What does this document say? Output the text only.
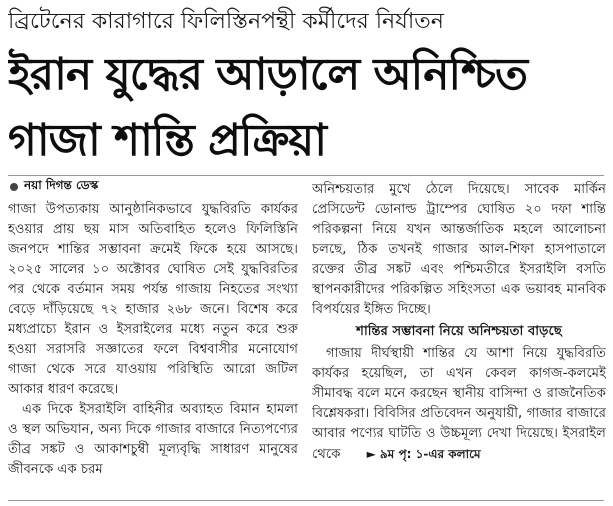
ব্রিটেনের কারাগারে ফিলিস্তিনপন্থী কর্মীদের নির্যাতন
ইরান যুদ্ধের আড়ালে অনিশ্চিত
গাজা শান্তি প্রক্রিয়া
নয়া দিগন্ত ডেস্ক

গাজা উপত্যকায় আনুষ্ঠানিকভাবে যুদ্ধবিরতি কার্যকর হওয়ার প্রায় ছয় মাস অতিবাহিত হলেও ফিলিস্তিনি জনপদে শান্তির সম্ভাবনা ক্রমেই ফিকে হয়ে আসছে। ২০২৫ সালের ১০ অক্টোবর ঘোষিত সেই যুদ্ধবিরতির পর থেকে বর্তমান সময় পর্যন্ত গাজায় নিহতের সংখ্যা বেড়ে দাঁড়িয়েছে ৭২ হাজার ২৬৮ জনে। বিশেষ করে মধ্যপ্রাচ্যে ইরান ও ইসরাইলের মধ্যে নতুন করে শুরু হওয়া সরাসরি সজ্ঞাতের ফলে বিশ্ববাসীর মনোযোগ গাজা থেকে সরে যাওয়ায় পরিস্থিতি আরো জটিল আকার ধারণ করেছে।

এক দিকে ইসরাইলি বাহিনীর অব্যাহত বিমান হামলা ও স্থল অভিযান, অন্য দিকে গাজার বাজারে নিত্যপণ্যের তীব্র সঙ্কট ও আকাশচুম্বী মূল্যবৃদ্ধি সাধারণ মানুষের জীবনকে এক চরম

অনিশ্চয়তার মুখে ঠেলে দিয়েছে। সাবেক মার্কিন প্রেসিডেন্ট ডোনাল্ড ট্রাম্পের ঘোষিত ২০ দফা শান্তি পরিকল্পনা নিয়ে যখন আন্তর্জাতিক মহলে আলোচনা চলছে, ঠিক তখনই গাজার আল-শিফা হাসপাতালে রক্তের তীব্র সঙ্কট এবং পশ্চিমতীরে ইসরাইলি বসতি স্থাপনকারীদের পরিকল্পিত সহিংসতা এক ভয়াবহ মানবিক বিপর্যয়ের ইঙ্গিত দিচ্ছে।

শান্তির সম্ভাবনা নিয়ে অনিশ্চয়তা বাড়ছে

গাজায় দীর্ঘস্থায়ী শান্তির যে আশা নিয়ে যুদ্ধবিরতি কার্যকর হয়েছিল, তা এখন কেবল কাগজ-কলমেই সীমাবদ্ধ বলে মনে করছেন স্থানীয় বাসিন্দা ও রাজনৈতিক বিশ্লেষকরা। বিবিসির প্রতিবেদন অনুযায়ী, গাজার বাজারে আবার পণ্যের ঘাটতি ও উচ্চমূল্য দেখা দিয়েছে। ইসরাইল থেকে ► ৯ম পৃ: ১-এর কলামে
